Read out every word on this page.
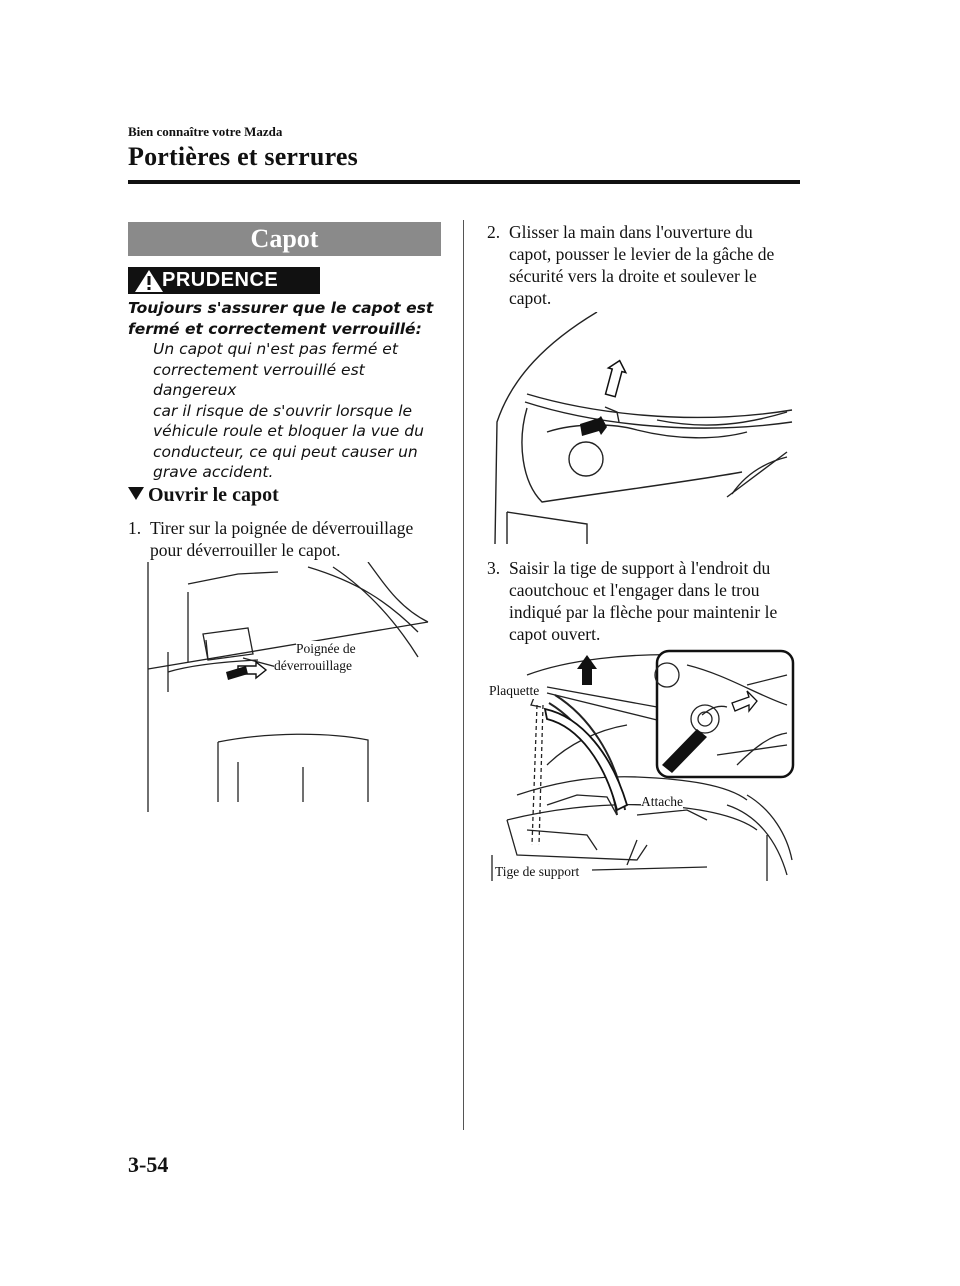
Bien connaître votre Mazda
Portières et serrures
Capot
PRUDENCE
Toujours s'assurer que le capot est
fermé et correctement verrouillé:
Un capot qui n'est pas fermé et
correctement verrouillé est dangereux
car il risque de s'ouvrir lorsque le
véhicule roule et bloquer la vue du
conducteur, ce qui peut causer un
grave accident.
Ouvrir le capot
1. Tirer sur la poignée de déverrouillage
pour déverrouiller le capot.
Poignée de
déverrouillage
2. Glisser la main dans l'ouverture du
capot, pousser le levier de la gâche de
sécurité vers la droite et soulever le
capot.
3. Saisir la tige de support à l'endroit du
caoutchouc et l'engager dans le trou
indiqué par la flèche pour maintenir le
capot ouvert.
Plaquette
Attache
Tige de support
3-54
